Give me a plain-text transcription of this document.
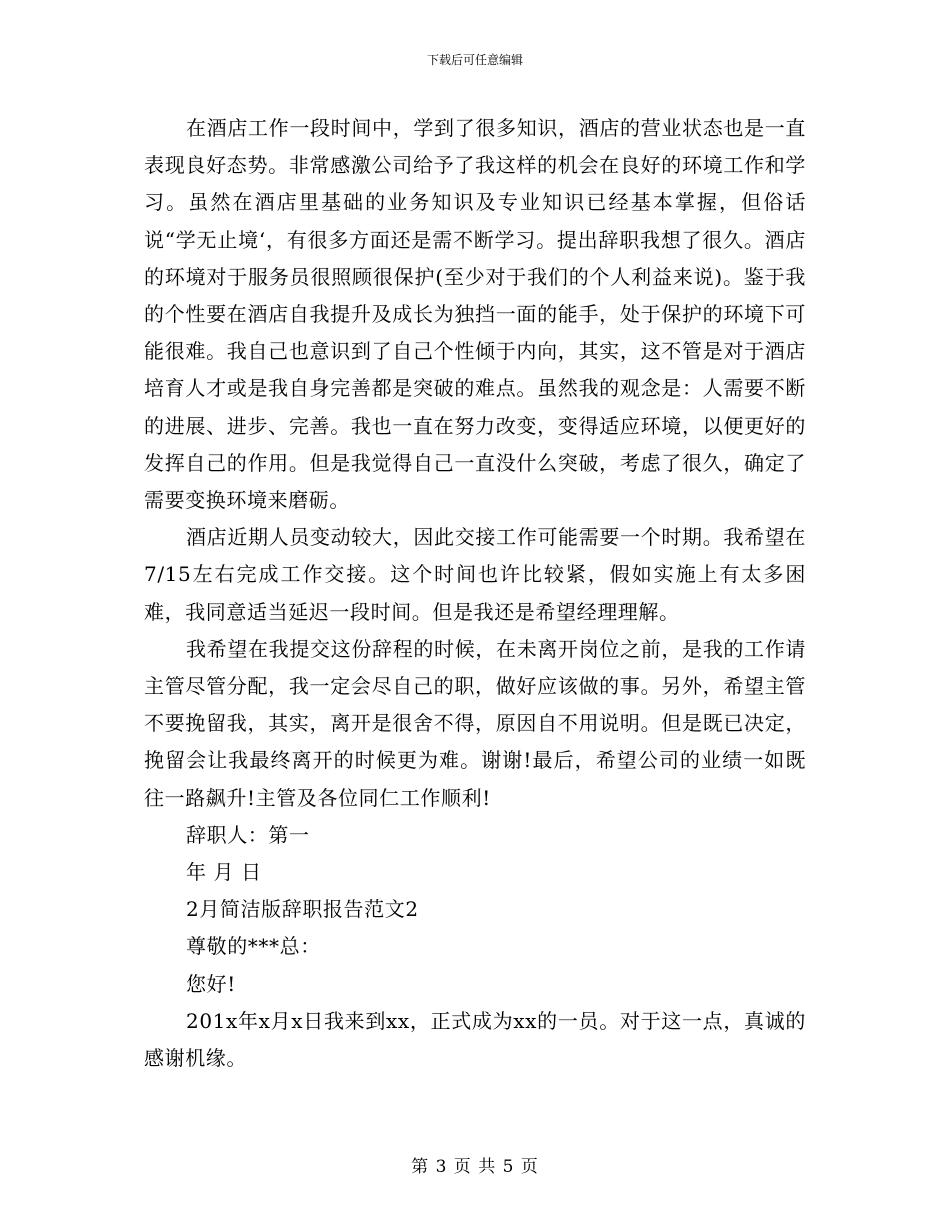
下载后可任意编辑

在酒店工作一段时间中，学到了很多知识，酒店的营业状态也是一直表现良好态势。非常感激公司给予了我这样的机会在良好的环境工作和学习。虽然在酒店里基础的业务知识及专业知识已经基本掌握，但俗话说“学无止境‘，有很多方面还是需不断学习。提出辞职我想了很久。酒店的环境对于服务员很照顾很保护(至少对于我们的个人利益来说)。鉴于我的个性要在酒店自我提升及成长为独挡一面的能手，处于保护的环境下可能很难。我自己也意识到了自己个性倾于内向，其实，这不管是对于酒店培育人才或是我自身完善都是突破的难点。虽然我的观念是：人需要不断的进展、进步、完善。我也一直在努力改变，变得适应环境，以便更好的发挥自己的作用。但是我觉得自己一直没什么突破，考虑了很久，确定了需要变换环境来磨砺。

酒店近期人员变动较大，因此交接工作可能需要一个时期。我希望在7/15左右完成工作交接。这个时间也许比较紧，假如实施上有太多困难，我同意适当延迟一段时间。但是我还是希望经理理解。

我希望在我提交这份辞程的时候，在未离开岗位之前，是我的工作请主管尽管分配，我一定会尽自己的职，做好应该做的事。另外，希望主管不要挽留我，其实，离开是很舍不得，原因自不用说明。但是既已决定，挽留会让我最终离开的时候更为难。谢谢!最后，希望公司的业绩一如既往一路飙升!主管及各位同仁工作顺利!

辞职人：第一

年 月 日

2月简洁版辞职报告范文2

尊敬的***总：

您好!

201x年x月x日我来到xx，正式成为xx的一员。对于这一点，真诚的感谢机缘。

第 3 页 共 5 页
